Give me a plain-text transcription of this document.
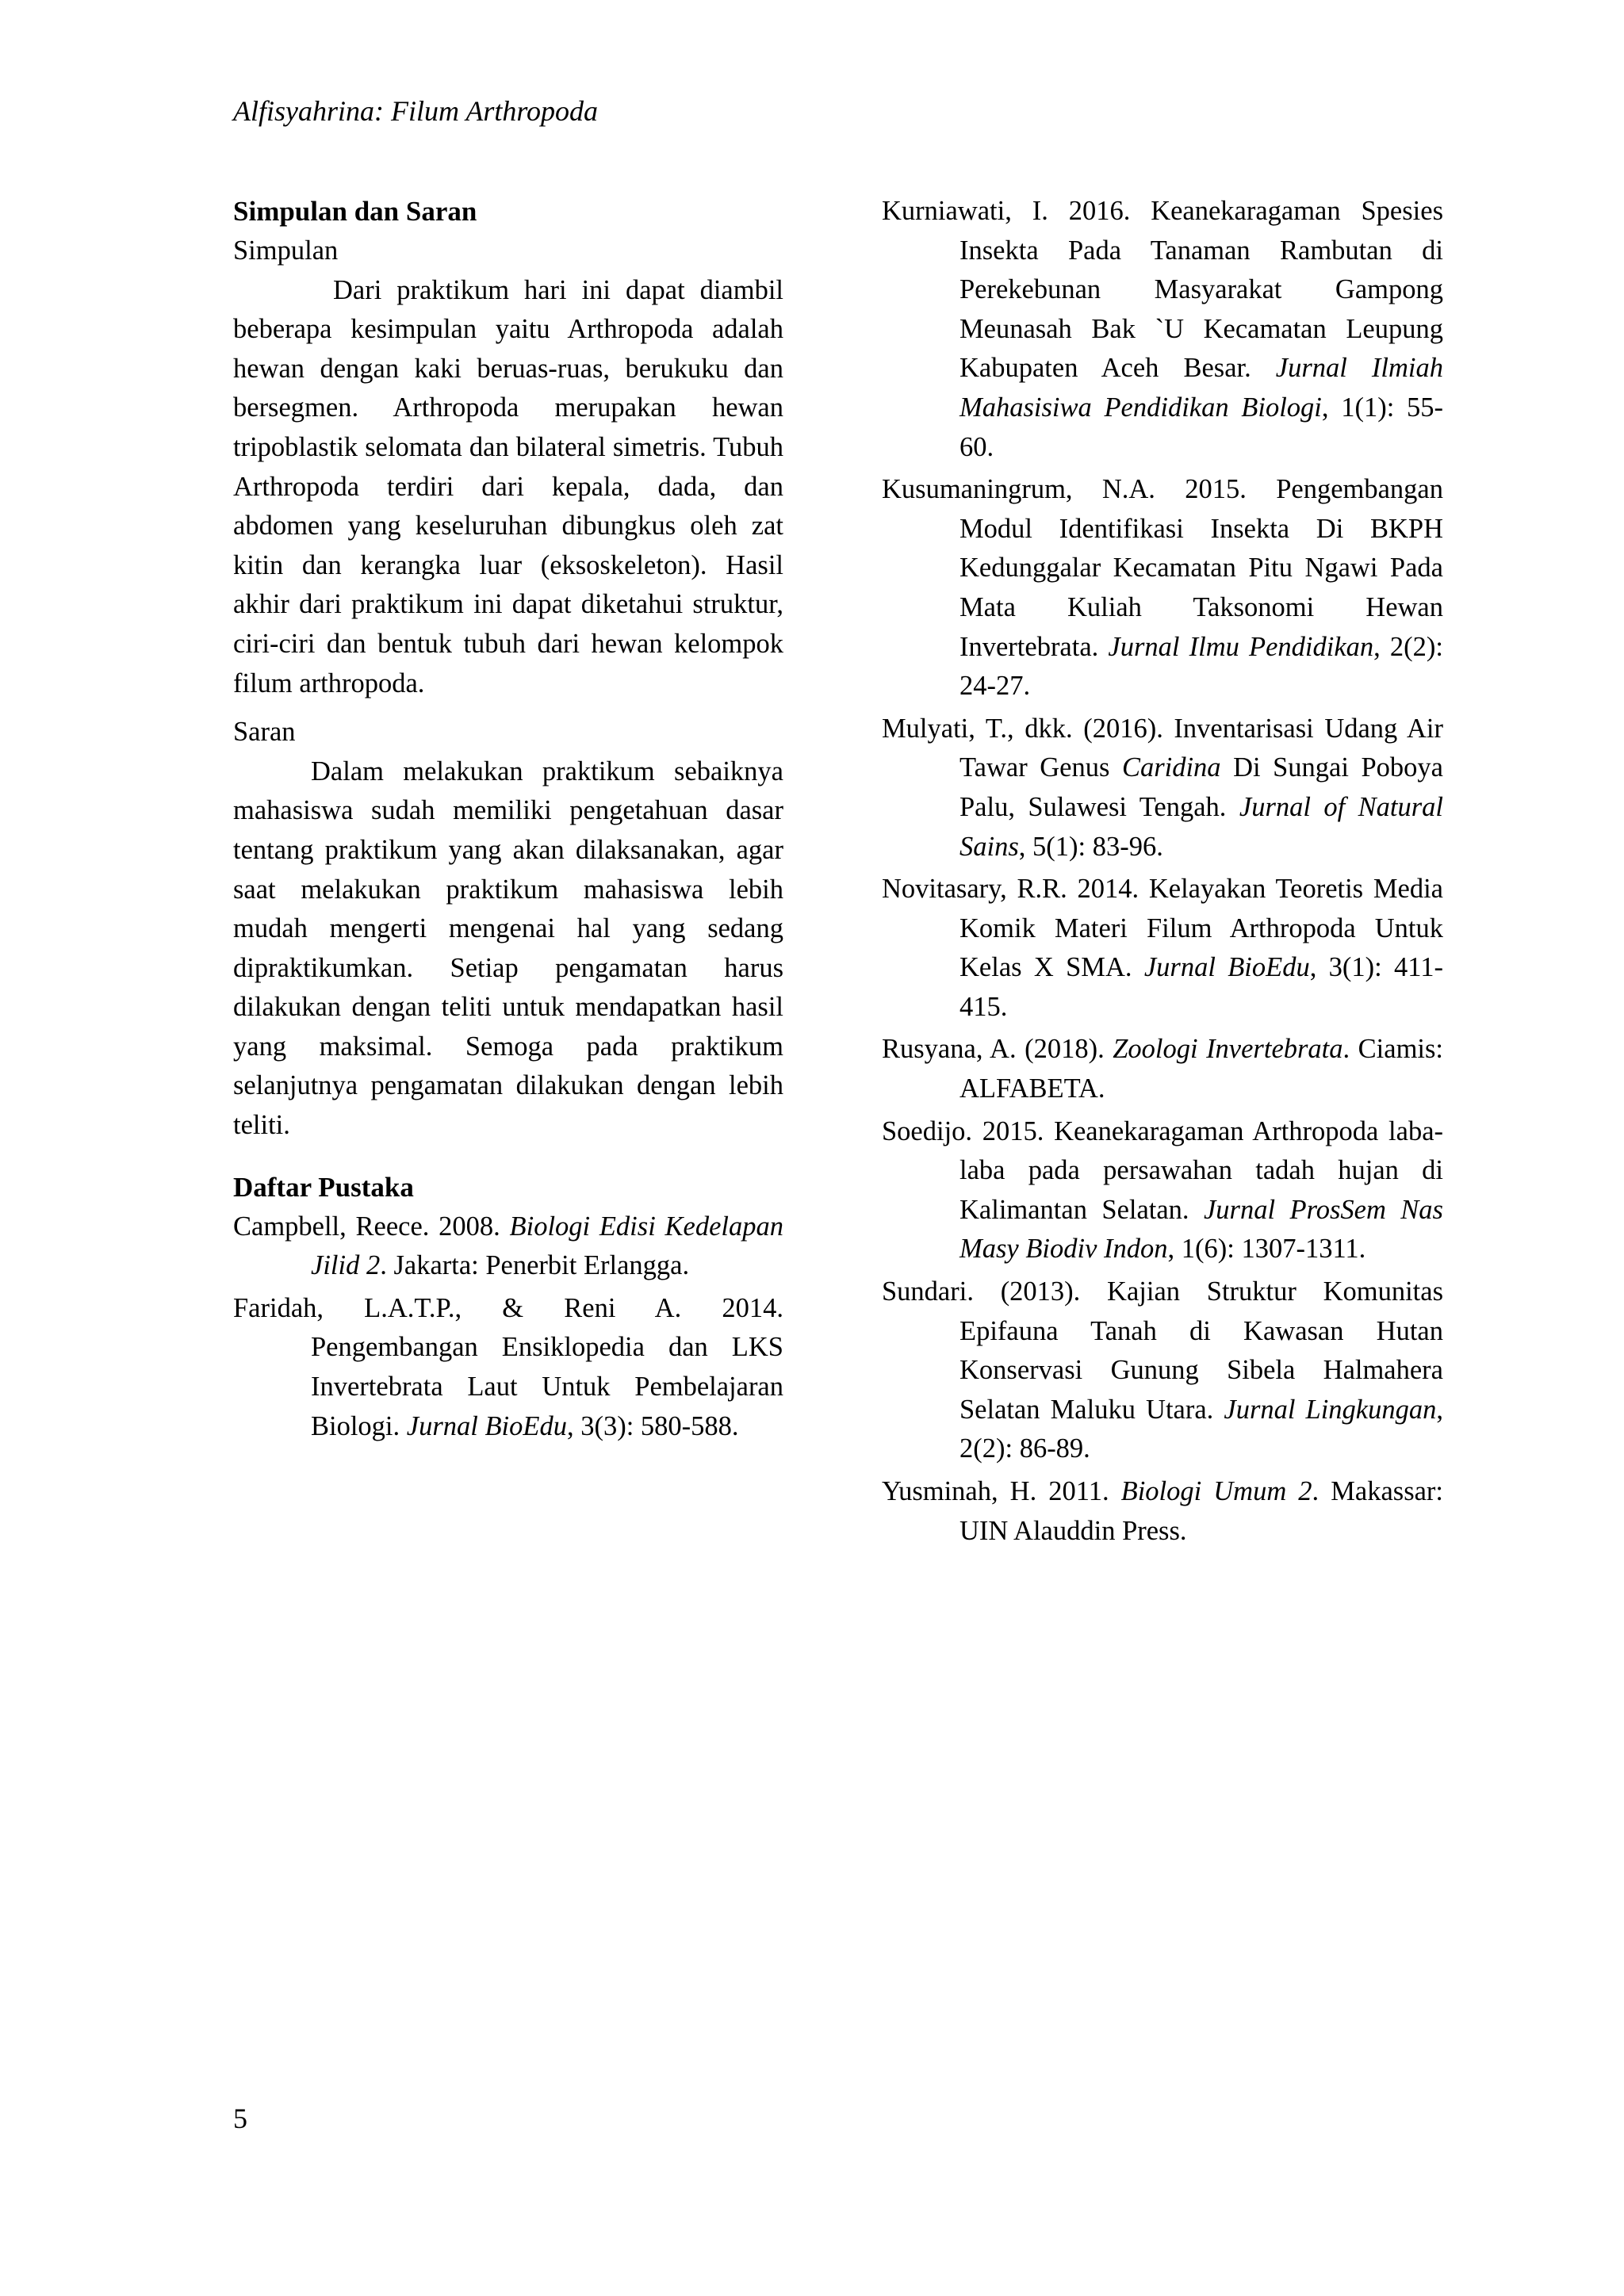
Alfisyahrina: Filum Arthropoda

Simpulan dan Saran

Simpulan

Dari praktikum hari ini dapat diambil beberapa kesimpulan yaitu Arthropoda adalah hewan dengan kaki beruas-ruas, berukuku dan bersegmen. Arthropoda merupakan hewan tripoblastik selomata dan bilateral simetris. Tubuh Arthropoda terdiri dari kepala, dada, dan abdomen yang keseluruhan dibungkus oleh zat kitin dan kerangka luar (eksoskeleton). Hasil akhir dari praktikum ini dapat diketahui struktur, ciri-ciri dan bentuk tubuh dari hewan kelompok filum arthropoda.

Saran

Dalam melakukan praktikum sebaiknya mahasiswa sudah memiliki pengetahuan dasar tentang praktikum yang akan dilaksanakan, agar saat melakukan praktikum mahasiswa lebih mudah mengerti mengenai hal yang sedang dipraktikumkan. Setiap pengamatan harus dilakukan dengan teliti untuk mendapatkan hasil yang maksimal. Semoga pada praktikum selanjutnya pengamatan dilakukan dengan lebih teliti.

Daftar Pustaka

Campbell, Reece. 2008. Biologi Edisi Kedelapan Jilid 2. Jakarta: Penerbit Erlangga.

Faridah, L.A.T.P., & Reni A. 2014. Pengembangan Ensiklopedia dan LKS Invertebrata Laut Untuk Pembelajaran Biologi. Jurnal BioEdu, 3(3): 580-588.

Kurniawati, I. 2016. Keanekaragaman Spesies Insekta Pada Tanaman Rambutan di Perekebunan Masyarakat Gampong Meunasah Bak `U Kecamatan Leupung Kabupaten Aceh Besar. Jurnal Ilmiah Mahasisiwa Pendidikan Biologi, 1(1): 55-60.

Kusumaningrum, N.A. 2015. Pengembangan Modul Identifikasi Insekta Di BKPH Kedunggalar Kecamatan Pitu Ngawi Pada Mata Kuliah Taksonomi Hewan Invertebrata. Jurnal Ilmu Pendidikan, 2(2): 24-27.

Mulyati, T., dkk. (2016). Inventarisasi Udang Air Tawar Genus Caridina Di Sungai Poboya Palu, Sulawesi Tengah. Jurnal of Natural Sains, 5(1): 83-96.

Novitasary, R.R. 2014. Kelayakan Teoretis Media Komik Materi Filum Arthropoda Untuk Kelas X SMA. Jurnal BioEdu, 3(1): 411-415.

Rusyana, A. (2018). Zoologi Invertebrata. Ciamis: ALFABETA.

Soedijo. 2015. Keanekaragaman Arthropoda laba-laba pada persawahan tadah hujan di Kalimantan Selatan. Jurnal ProsSem Nas Masy Biodiv Indon, 1(6): 1307-1311.

Sundari. (2013). Kajian Struktur Komunitas Epifauna Tanah di Kawasan Hutan Konservasi Gunung Sibela Halmahera Selatan Maluku Utara. Jurnal Lingkungan, 2(2): 86-89.

Yusminah, H. 2011. Biologi Umum 2. Makassar: UIN Alauddin Press.

5
